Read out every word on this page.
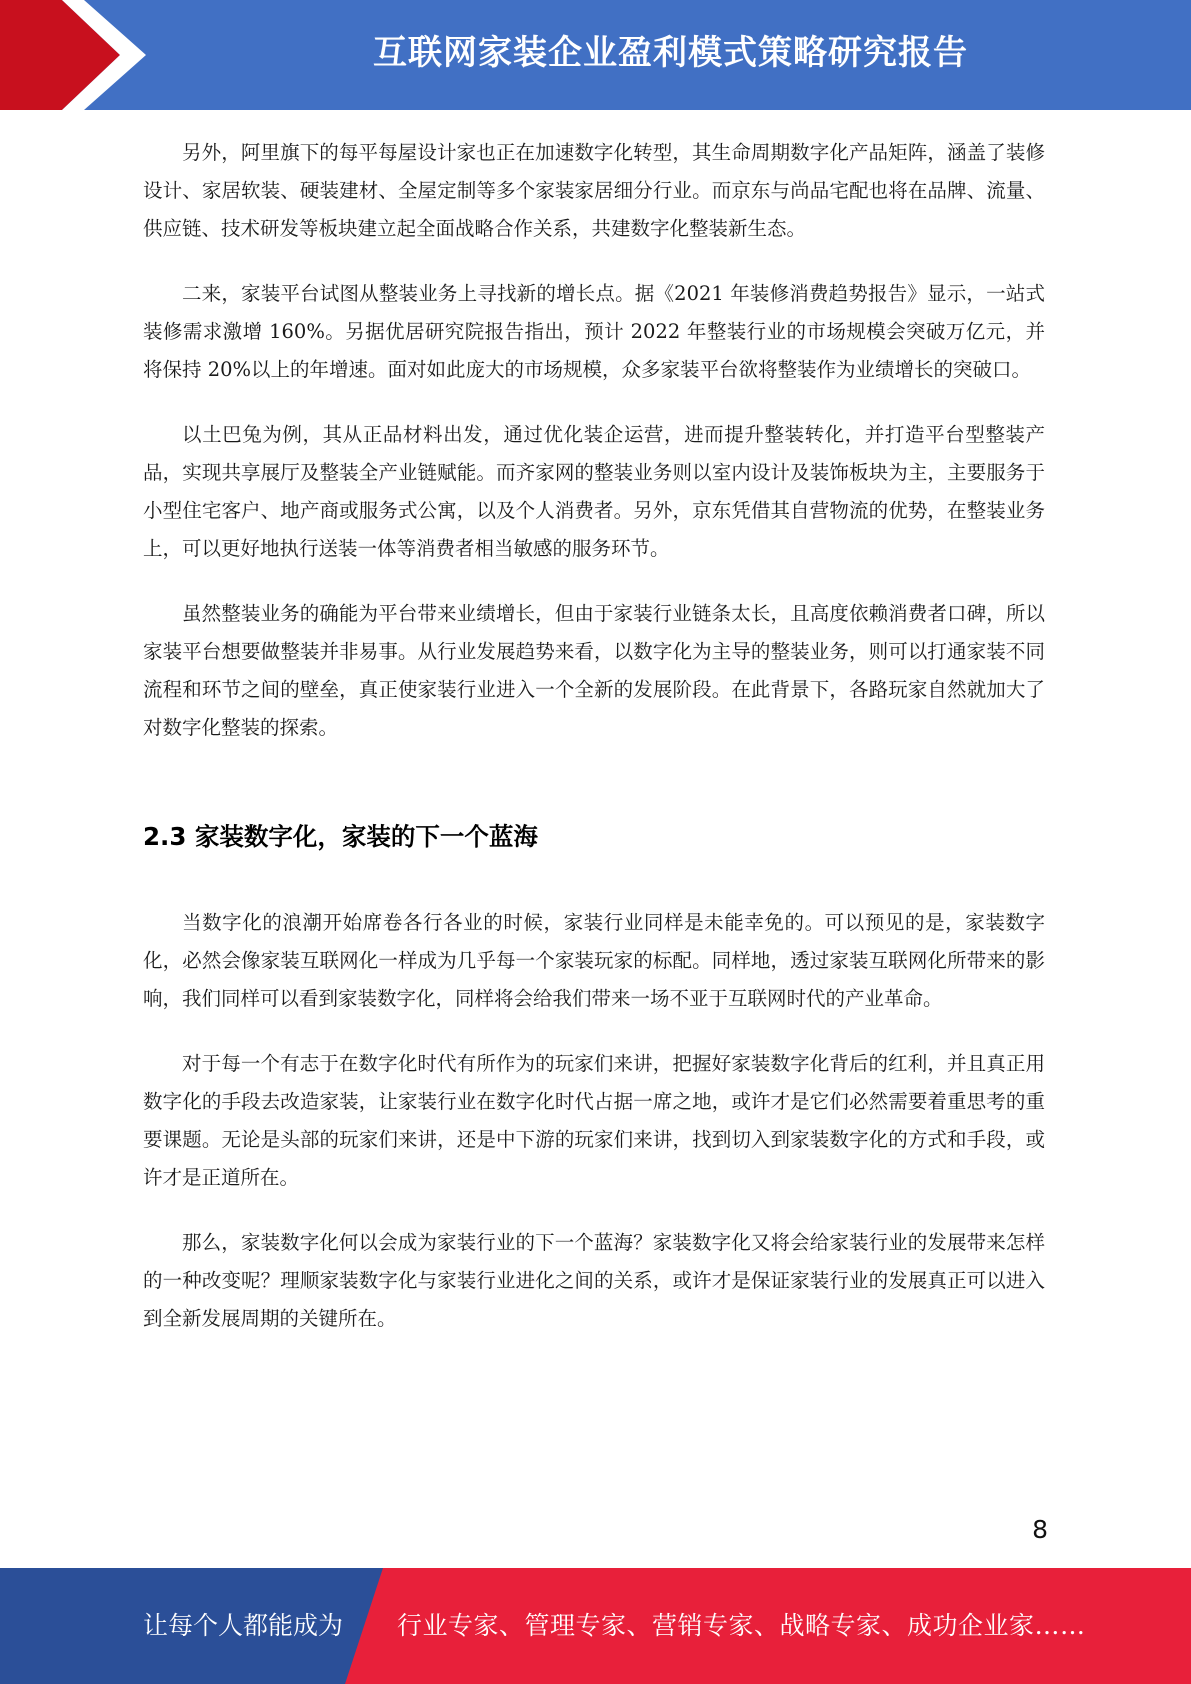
互联网家装企业盈利模式策略研究报告

另外，阿里旗下的每平每屋设计家也正在加速数字化转型，其生命周期数字化产品矩阵，涵盖了装修设计、家居软装、硬装建材、全屋定制等多个家装家居细分行业。而京东与尚品宅配也将在品牌、流量、供应链、技术研发等板块建立起全面战略合作关系，共建数字化整装新生态。

二来，家装平台试图从整装业务上寻找新的增长点。据《2021 年装修消费趋势报告》显示，一站式装修需求激增 160%。另据优居研究院报告指出，预计 2022 年整装行业的市场规模会突破万亿元，并将保持 20%以上的年增速。面对如此庞大的市场规模，众多家装平台欲将整装作为业绩增长的突破口。

以土巴兔为例，其从正品材料出发，通过优化装企运营，进而提升整装转化，并打造平台型整装产品，实现共享展厅及整装全产业链赋能。而齐家网的整装业务则以室内设计及装饰板块为主，主要服务于小型住宅客户、地产商或服务式公寓，以及个人消费者。另外，京东凭借其自营物流的优势，在整装业务上，可以更好地执行送装一体等消费者相当敏感的服务环节。

虽然整装业务的确能为平台带来业绩增长，但由于家装行业链条太长，且高度依赖消费者口碑，所以家装平台想要做整装并非易事。从行业发展趋势来看，以数字化为主导的整装业务，则可以打通家装不同流程和环节之间的壁垒，真正使家装行业进入一个全新的发展阶段。在此背景下，各路玩家自然就加大了对数字化整装的探索。

2.3 家装数字化，家装的下一个蓝海

当数字化的浪潮开始席卷各行各业的时候，家装行业同样是未能幸免的。可以预见的是，家装数字化，必然会像家装互联网化一样成为几乎每一个家装玩家的标配。同样地，透过家装互联网化所带来的影响，我们同样可以看到家装数字化，同样将会给我们带来一场不亚于互联网时代的产业革命。

对于每一个有志于在数字化时代有所作为的玩家们来讲，把握好家装数字化背后的红利，并且真正用数字化的手段去改造家装，让家装行业在数字化时代占据一席之地，或许才是它们必然需要着重思考的重要课题。无论是头部的玩家们来讲，还是中下游的玩家们来讲，找到切入到家装数字化的方式和手段，或许才是正道所在。

那么，家装数字化何以会成为家装行业的下一个蓝海？家装数字化又将会给家装行业的发展带来怎样的一种改变呢？理顺家装数字化与家装行业进化之间的关系，或许才是保证家装行业的发展真正可以进入到全新发展周期的关键所在。

8
让每个人都能成为 行业专家、管理专家、营销专家、战略专家、成功企业家……
